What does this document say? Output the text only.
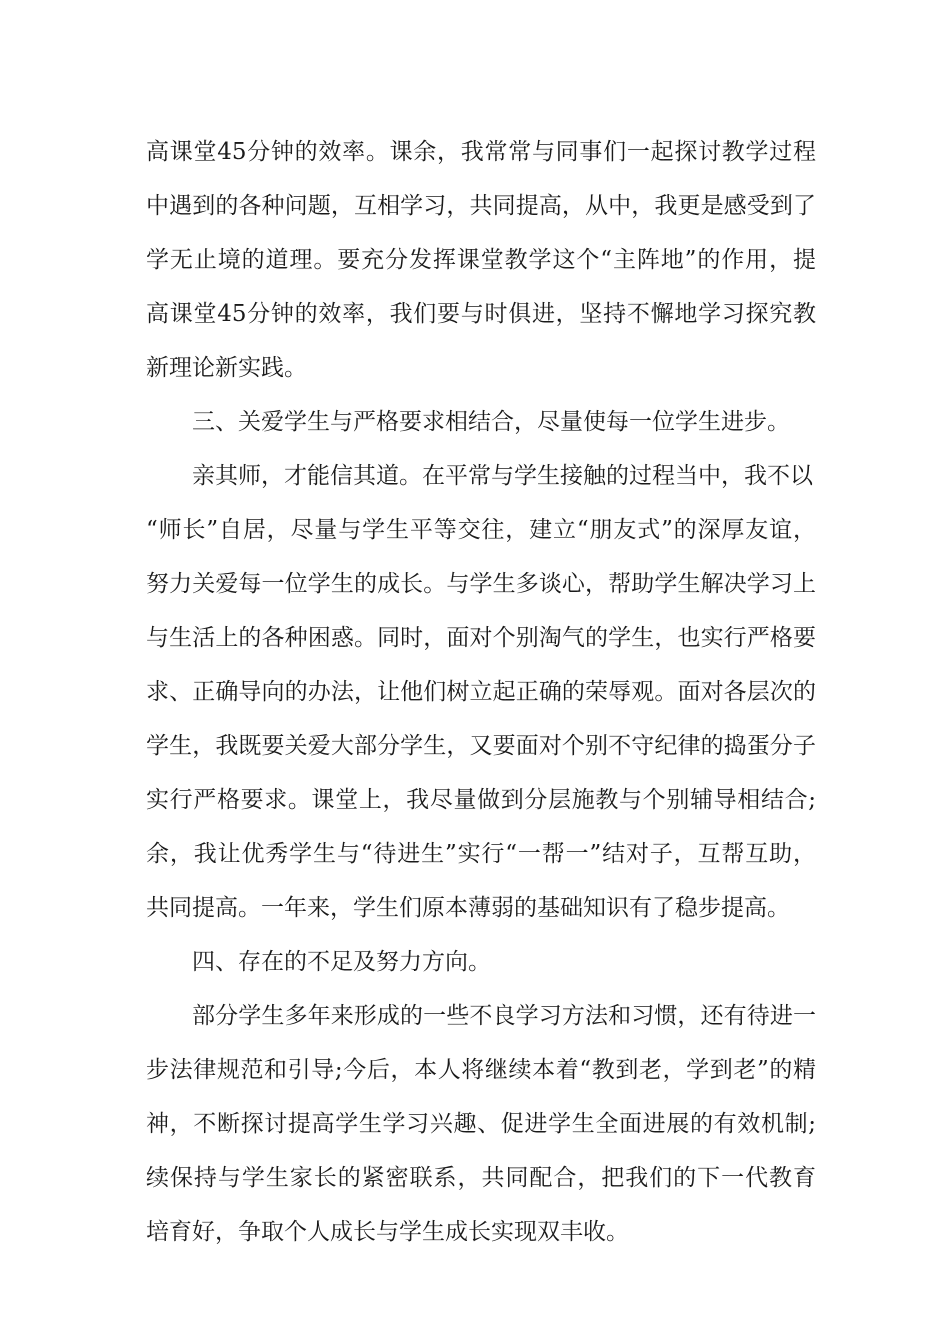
高课堂45分钟的效率。课余，我常常与同事们一起探讨教学过程
中遇到的各种问题，互相学习，共同提高，从中，我更是感受到了
学无止境的道理。要充分发挥课堂教学这个“主阵地”的作用，提
高课堂45分钟的效率，我们要与时俱进，坚持不懈地学习探究教
新理论新实践。
三、关爱学生与严格要求相结合，尽量使每一位学生进步。
亲其师，才能信其道。在平常与学生接触的过程当中，我不以
“师长”自居，尽量与学生平等交往，建立“朋友式”的深厚友谊，
努力关爱每一位学生的成长。与学生多谈心，帮助学生解决学习上
与生活上的各种困惑。同时，面对个别淘气的学生，也实行严格要
求、正确导向的办法，让他们树立起正确的荣辱观。面对各层次的
学生，我既要关爱大部分学生，又要面对个别不守纪律的捣蛋分子
实行严格要求。课堂上，我尽量做到分层施教与个别辅导相结合;
余，我让优秀学生与“待进生”实行“一帮一”结对子，互帮互助，
共同提高。一年来，学生们原本薄弱的基础知识有了稳步提高。
四、存在的不足及努力方向。
部分学生多年来形成的一些不良学习方法和习惯，还有待进一
步法律规范和引导;今后，本人将继续本着“教到老，学到老”的精
神，不断探讨提高学生学习兴趣、促进学生全面进展的有效机制;
续保持与学生家长的紧密联系，共同配合，把我们的下一代教育
培育好，争取个人成长与学生成长实现双丰收。
